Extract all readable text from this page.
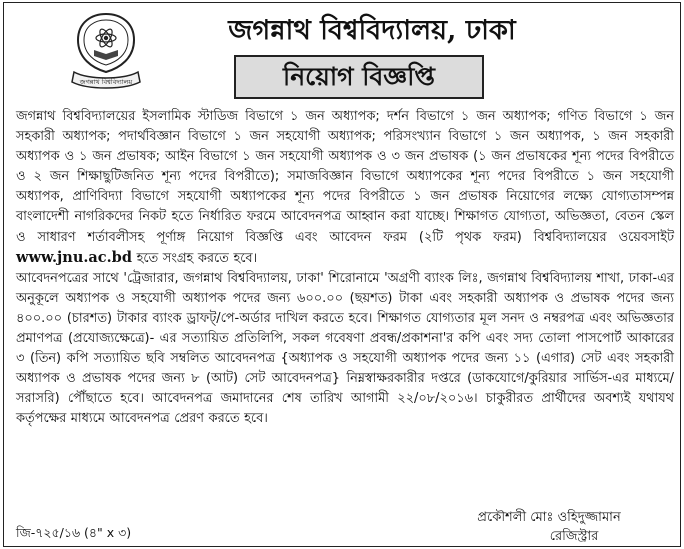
জগন্নাথ বিশ্ববিদ্যালয়
জগন্নাথ বিশ্ববিদ্যালয়, ঢাকা
নিয়োগ বিজ্ঞপ্তি

জগন্নাথ বিশ্ববিদ্যালয়ের ইসলামিক স্টাডিজ বিভাগে ১ জন অধ্যাপক; দর্শন বিভাগে ১ জন অধ্যাপক; গণিত বিভাগে ১ জন সহকারী অধ্যাপক; পদার্থবিজ্ঞান বিভাগে ১ জন সহযোগী অধ্যাপক; পরিসংখ্যান বিভাগে ১ জন অধ্যাপক, ১ জন সহকারী অধ্যাপক ও ১ জন প্রভাষক; আইন বিভাগে ১ জন সহযোগী অধ্যাপক ও ৩ জন প্রভাষক (১ জন প্রভাষকের শূন্য পদের বিপরীতে ও ২ জন শিক্ষাছুটিজনিত শূন্য পদের বিপরীতে); সমাজবিজ্ঞান বিভাগে অধ্যাপকের শূন্য পদের বিপরীতে ১ জন সহযোগী অধ্যাপক, প্রাণিবিদ্যা বিভাগে সহযোগী অধ্যাপকের শূন্য পদের বিপরীতে ১ জন প্রভাষক নিয়োগের লক্ষ্যে যোগ্যতাসম্পন্ন বাংলাদেশী নাগরিকদের নিকট হতে নির্ধারিত ফরমে আবেদনপত্র আহ্বান করা যাচ্ছে। শিক্ষাগত যোগ্যতা, অভিজ্ঞতা, বেতন স্কেল ও সাধারণ শর্তাবলীসহ পূর্ণাঙ্গ নিয়োগ বিজ্ঞপ্তি এবং আবেদন ফরম (২টি পৃথক ফরম) বিশ্ববিদ্যালয়ের ওয়েবসাইট www.jnu.ac.bd হতে সংগ্রহ করতে হবে।

আবেদনপত্রের সাথে 'ট্রেজারার, জগন্নাথ বিশ্ববিদ্যালয়, ঢাকা' শিরোনামে 'অগ্রণী ব্যাংক লিঃ, জগন্নাথ বিশ্ববিদ্যালয় শাখা, ঢাকা-এর অনুকূলে অধ্যাপক ও সহযোগী অধ্যাপক পদের জন্য ৬০০.০০ (ছয়শত) টাকা এবং সহকারী অধ্যাপক ও প্রভাষক পদের জন্য ৪০০.০০ (চারশত) টাকার ব্যাংক ড্রাফট্/পে-অর্ডার দাখিল করতে হবে। শিক্ষাগত যোগ্যতার মূল সনদ ও নম্বরপত্র এবং অভিজ্ঞতার প্রমাণপত্র (প্রযোজ্যক্ষেত্রে)- এর সত্যায়িত প্রতিলিপি, সকল গবেষণা প্রবন্ধ/প্রকাশনা'র কপি এবং সদ্য তোলা পাসপোর্ট আকারের ৩ (তিন) কপি সত্যায়িত ছবি সম্বলিত আবেদনপত্র {অধ্যাপক ও সহযোগী অধ্যাপক পদের জন্য ১১ (এগার) সেট এবং সহকারী অধ্যাপক ও প্রভাষক পদের জন্য ৮ (আট) সেট আবেদনপত্র} নিম্নস্বাক্ষরকারীর দপ্তরে (ডাকযোগে/কুরিয়ার সার্ভিস-এর মাধ্যমে/সরাসরি) পৌঁছাতে হবে। আবেদনপত্র জমাদানের শেষ তারিখ আগামী ২২/০৮/২০১৬। চাকুরীরত প্রার্থীদের অবশ্যই যথাযথ কর্তৃপক্ষের মাধ্যমে আবেদনপত্র প্রেরণ করতে হবে।

জি-৭২৫/১৬ (৪" x ৩)
প্রকৌশলী মোঃ ওহিদুজ্জামান
রেজিস্ট্রার
